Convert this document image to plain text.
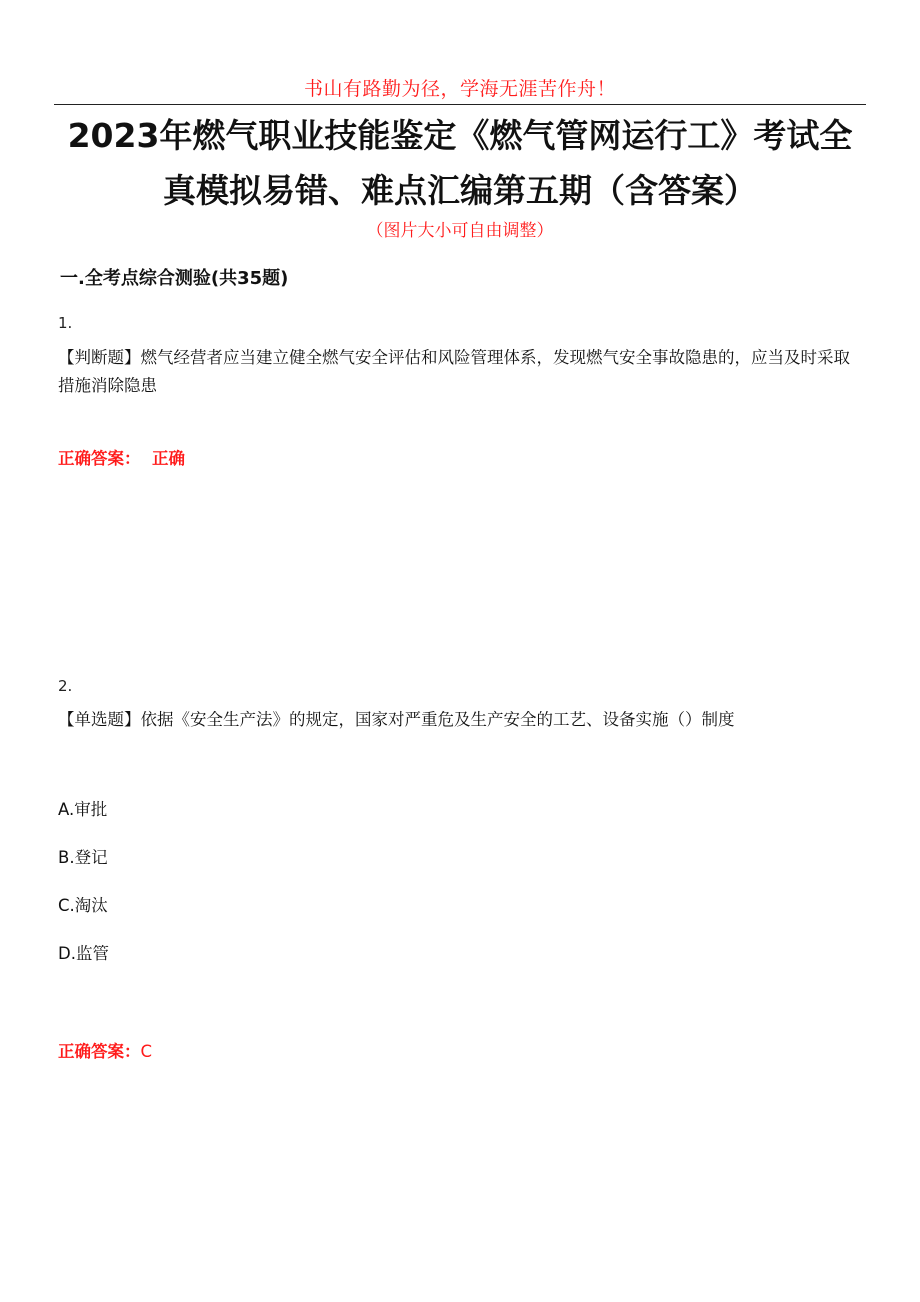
书山有路勤为径，学海无涯苦作舟！
2023年燃气职业技能鉴定《燃气管网运行工》考试全真模拟易错、难点汇编第五期（含答案）
（图片大小可自由调整）
一.全考点综合测验(共35题)
1.
【判断题】燃气经营者应当建立健全燃气安全评估和风险管理体系，发现燃气安全事故隐患的，应当及时采取措施消除隐患
正确答案： 正确
2.
【单选题】依据《安全生产法》的规定，国家对严重危及生产安全的工艺、设备实施（）制度
A.审批
B.登记
C.淘汰
D.监管
正确答案：C
